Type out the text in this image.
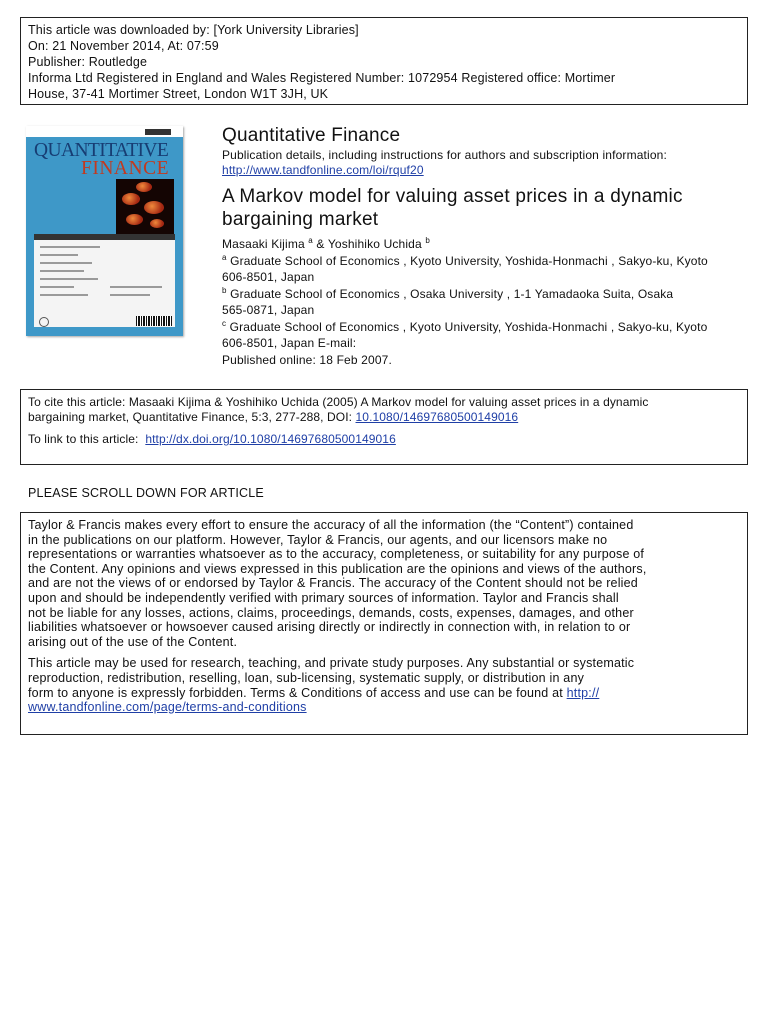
This article was downloaded by: [York University Libraries]
On: 21 November 2014, At: 07:59
Publisher: Routledge
Informa Ltd Registered in England and Wales Registered Number: 1072954 Registered office: Mortimer
House, 37-41 Mortimer Street, London W1T 3JH, UK
QUANTITATIVE
FINANCE
Quantitative Finance
Publication details, including instructions for authors and subscription information:
http://www.tandfonline.com/loi/rquf20
A Markov model for valuing asset prices in a dynamic
bargaining market
Masaaki Kijima $^a$ & Yoshihiko Uchida $^b$
$^a$ Graduate School of Economics , Kyoto University, Yoshida-Honmachi , Sakyo-ku, Kyoto
606-8501, Japan
$^b$ Graduate School of Economics , Osaka University , 1-1 Yamadaoka Suita, Osaka
565-0871, Japan
$^c$ Graduate School of Economics , Kyoto University, Yoshida-Honmachi , Sakyo-ku, Kyoto
606-8501, Japan E-mail:
Published online: 18 Feb 2007.
To cite this article: Masaaki Kijima & Yoshihiko Uchida (2005) A Markov model for valuing asset prices in a dynamic
bargaining market, Quantitative Finance, 5:3, 277-288, DOI: 10.1080/14697680500149016
To link to this article: http://dx.doi.org/10.1080/14697680500149016
PLEASE SCROLL DOWN FOR ARTICLE
Taylor & Francis makes every effort to ensure the accuracy of all the information (the “Content”) contained
in the publications on our platform. However, Taylor & Francis, our agents, and our licensors make no
representations or warranties whatsoever as to the accuracy, completeness, or suitability for any purpose of
the Content. Any opinions and views expressed in this publication are the opinions and views of the authors,
and are not the views of or endorsed by Taylor & Francis. The accuracy of the Content should not be relied
upon and should be independently verified with primary sources of information. Taylor and Francis shall
not be liable for any losses, actions, claims, proceedings, demands, costs, expenses, damages, and other
liabilities whatsoever or howsoever caused arising directly or indirectly in connection with, in relation to or
arising out of the use of the Content.
This article may be used for research, teaching, and private study purposes. Any substantial or systematic
reproduction, redistribution, reselling, loan, sub-licensing, systematic supply, or distribution in any
form to anyone is expressly forbidden. Terms & Conditions of access and use can be found at http://
www.tandfonline.com/page/terms-and-conditions
